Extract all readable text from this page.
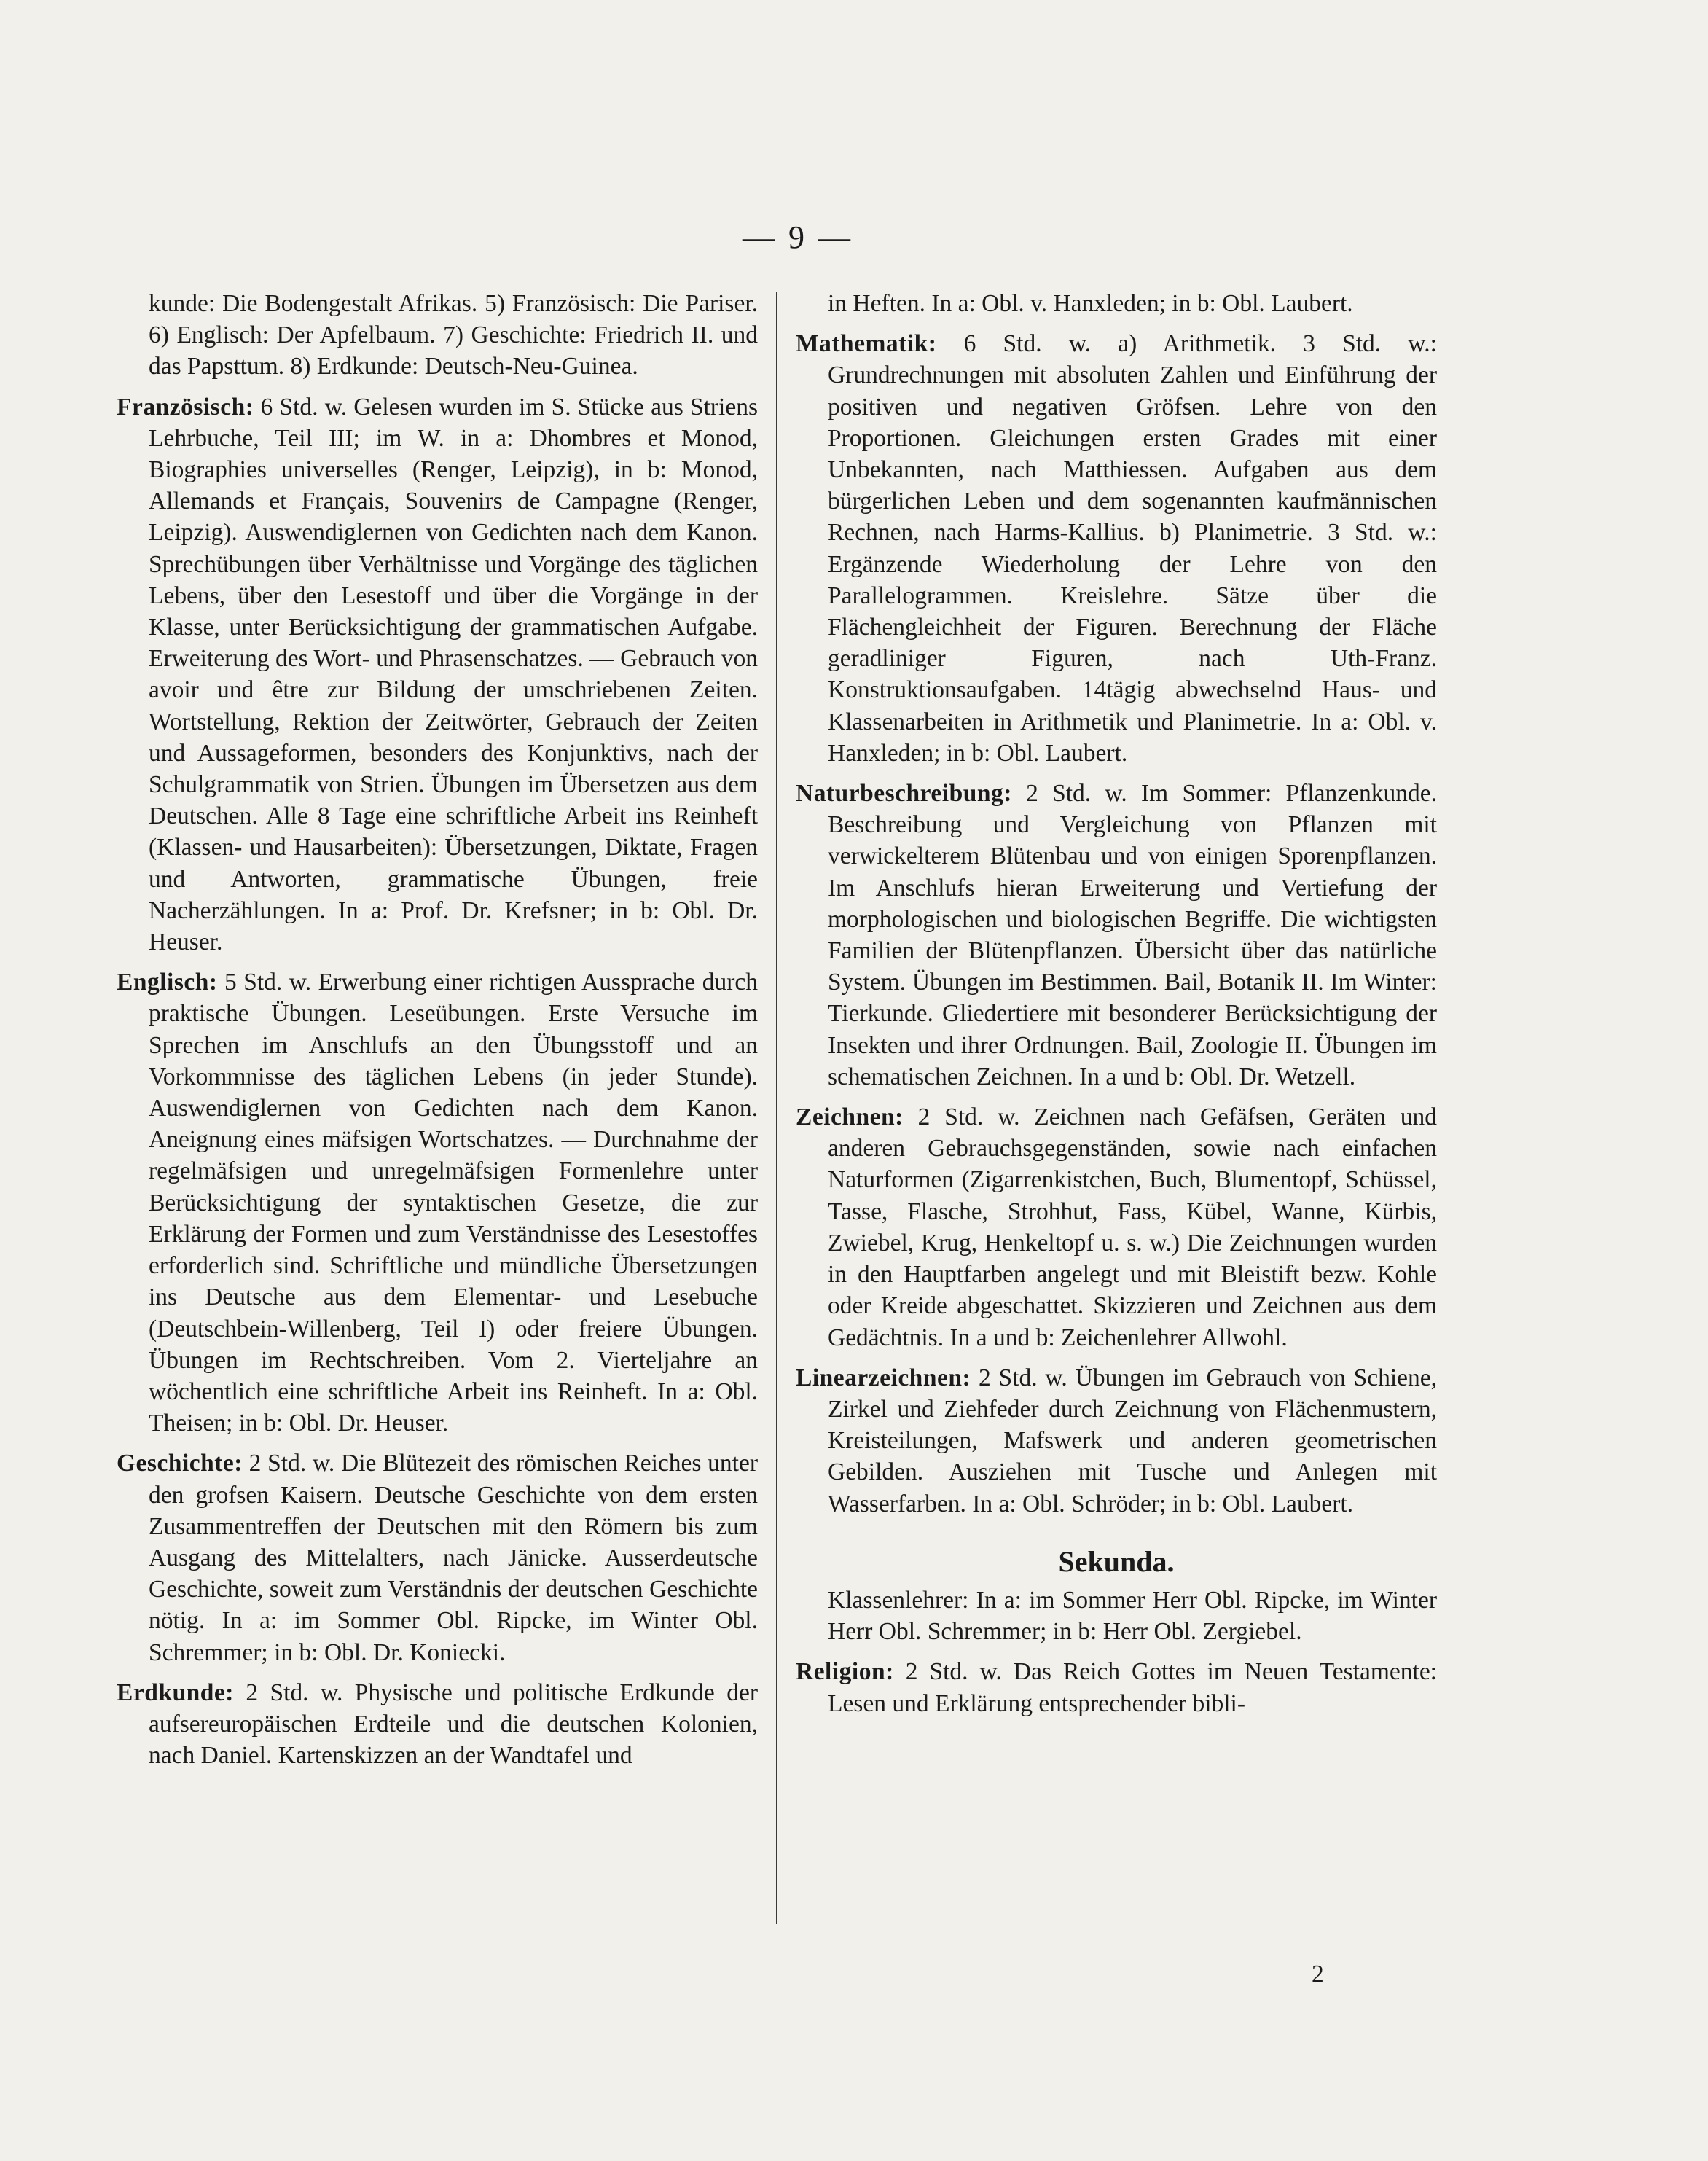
— 9 —

kunde: Die Bodengestalt Afrikas. 5) Französisch: Die Pariser. 6) Englisch: Der Apfelbaum. 7) Geschichte: Friedrich II. und das Papsttum. 8) Erdkunde: Deutsch-Neu-Guinea.

Französisch: 6 Std. w. Gelesen wurden im S. Stücke aus Striens Lehrbuche, Teil III; im W. in a: Dhombres et Monod, Biographies universelles (Renger, Leipzig), in b: Monod, Allemands et Français, Souvenirs de Campagne (Renger, Leipzig). Auswendiglernen von Gedichten nach dem Kanon. Sprechübungen über Verhältnisse und Vorgänge des täglichen Lebens, über den Lesestoff und über die Vorgänge in der Klasse, unter Berücksichtigung der grammatischen Aufgabe. Erweiterung des Wort- und Phrasenschatzes. — Gebrauch von avoir und être zur Bildung der umschriebenen Zeiten. Wortstellung, Rektion der Zeitwörter, Gebrauch der Zeiten und Aussageformen, besonders des Konjunktivs, nach der Schulgrammatik von Strien. Übungen im Übersetzen aus dem Deutschen. Alle 8 Tage eine schriftliche Arbeit ins Reinheft (Klassen- und Hausarbeiten): Übersetzungen, Diktate, Fragen und Antworten, grammatische Übungen, freie Nacherzählungen. In a: Prof. Dr. Krefsner; in b: Obl. Dr. Heuser.

Englisch: 5 Std. w. Erwerbung einer richtigen Aussprache durch praktische Übungen. Leseübungen. Erste Versuche im Sprechen im Anschlufs an den Übungsstoff und an Vorkommnisse des täglichen Lebens (in jeder Stunde). Auswendiglernen von Gedichten nach dem Kanon. Aneignung eines mäfsigen Wortschatzes. — Durchnahme der regelmäfsigen und unregelmäfsigen Formenlehre unter Berücksichtigung der syntaktischen Gesetze, die zur Erklärung der Formen und zum Verständnisse des Lesestoffes erforderlich sind. Schriftliche und mündliche Übersetzungen ins Deutsche aus dem Elementar- und Lesebuche (Deutschbein-Willenberg, Teil I) oder freiere Übungen. Übungen im Rechtschreiben. Vom 2. Vierteljahre an wöchentlich eine schriftliche Arbeit ins Reinheft. In a: Obl. Theisen; in b: Obl. Dr. Heuser.

Geschichte: 2 Std. w. Die Blütezeit des römischen Reiches unter den grofsen Kaisern. Deutsche Geschichte von dem ersten Zusammentreffen der Deutschen mit den Römern bis zum Ausgang des Mittelalters, nach Jänicke. Ausserdeutsche Geschichte, soweit zum Verständnis der deutschen Geschichte nötig. In a: im Sommer Obl. Ripcke, im Winter Obl. Schremmer; in b: Obl. Dr. Koniecki.

Erdkunde: 2 Std. w. Physische und politische Erdkunde der aufsereuropäischen Erdteile und die deutschen Kolonien, nach Daniel. Kartenskizzen an der Wandtafel und

in Heften. In a: Obl. v. Hanxleden; in b: Obl. Laubert.

Mathematik: 6 Std. w. a) Arithmetik. 3 Std. w.: Grundrechnungen mit absoluten Zahlen und Einführung der positiven und negativen Gröfsen. Lehre von den Proportionen. Gleichungen ersten Grades mit einer Unbekannten, nach Matthiessen. Aufgaben aus dem bürgerlichen Leben und dem sogenannten kaufmännischen Rechnen, nach Harms-Kallius. b) Planimetrie. 3 Std. w.: Ergänzende Wiederholung der Lehre von den Parallelogrammen. Kreislehre. Sätze über die Flächengleichheit der Figuren. Berechnung der Fläche geradliniger Figuren, nach Uth-Franz. Konstruktionsaufgaben. 14tägig abwechselnd Haus- und Klassenarbeiten in Arithmetik und Planimetrie. In a: Obl. v. Hanxleden; in b: Obl. Laubert.

Naturbeschreibung: 2 Std. w. Im Sommer: Pflanzenkunde. Beschreibung und Vergleichung von Pflanzen mit verwickelterem Blütenbau und von einigen Sporenpflanzen. Im Anschlufs hieran Erweiterung und Vertiefung der morphologischen und biologischen Begriffe. Die wichtigsten Familien der Blütenpflanzen. Übersicht über das natürliche System. Übungen im Bestimmen. Bail, Botanik II. Im Winter: Tierkunde. Gliedertiere mit besonderer Berücksichtigung der Insekten und ihrer Ordnungen. Bail, Zoologie II. Übungen im schematischen Zeichnen. In a und b: Obl. Dr. Wetzell.

Zeichnen: 2 Std. w. Zeichnen nach Gefäfsen, Geräten und anderen Gebrauchsgegenständen, sowie nach einfachen Naturformen (Zigarrenkistchen, Buch, Blumentopf, Schüssel, Tasse, Flasche, Strohhut, Fass, Kübel, Wanne, Kürbis, Zwiebel, Krug, Henkeltopf u. s. w.) Die Zeichnungen wurden in den Hauptfarben angelegt und mit Bleistift bezw. Kohle oder Kreide abgeschattet. Skizzieren und Zeichnen aus dem Gedächtnis. In a und b: Zeichenlehrer Allwohl.

Linearzeichnen: 2 Std. w. Übungen im Gebrauch von Schiene, Zirkel und Ziehfeder durch Zeichnung von Flächenmustern, Kreisteilungen, Mafswerk und anderen geometrischen Gebilden. Ausziehen mit Tusche und Anlegen mit Wasserfarben. In a: Obl. Schröder; in b: Obl. Laubert.

Sekunda.

Klassenlehrer: In a: im Sommer Herr Obl. Ripcke, im Winter Herr Obl. Schremmer; in b: Herr Obl. Zergiebel.

Religion: 2 Std. w. Das Reich Gottes im Neuen Testamente: Lesen und Erklärung entsprechender bibli-

2
